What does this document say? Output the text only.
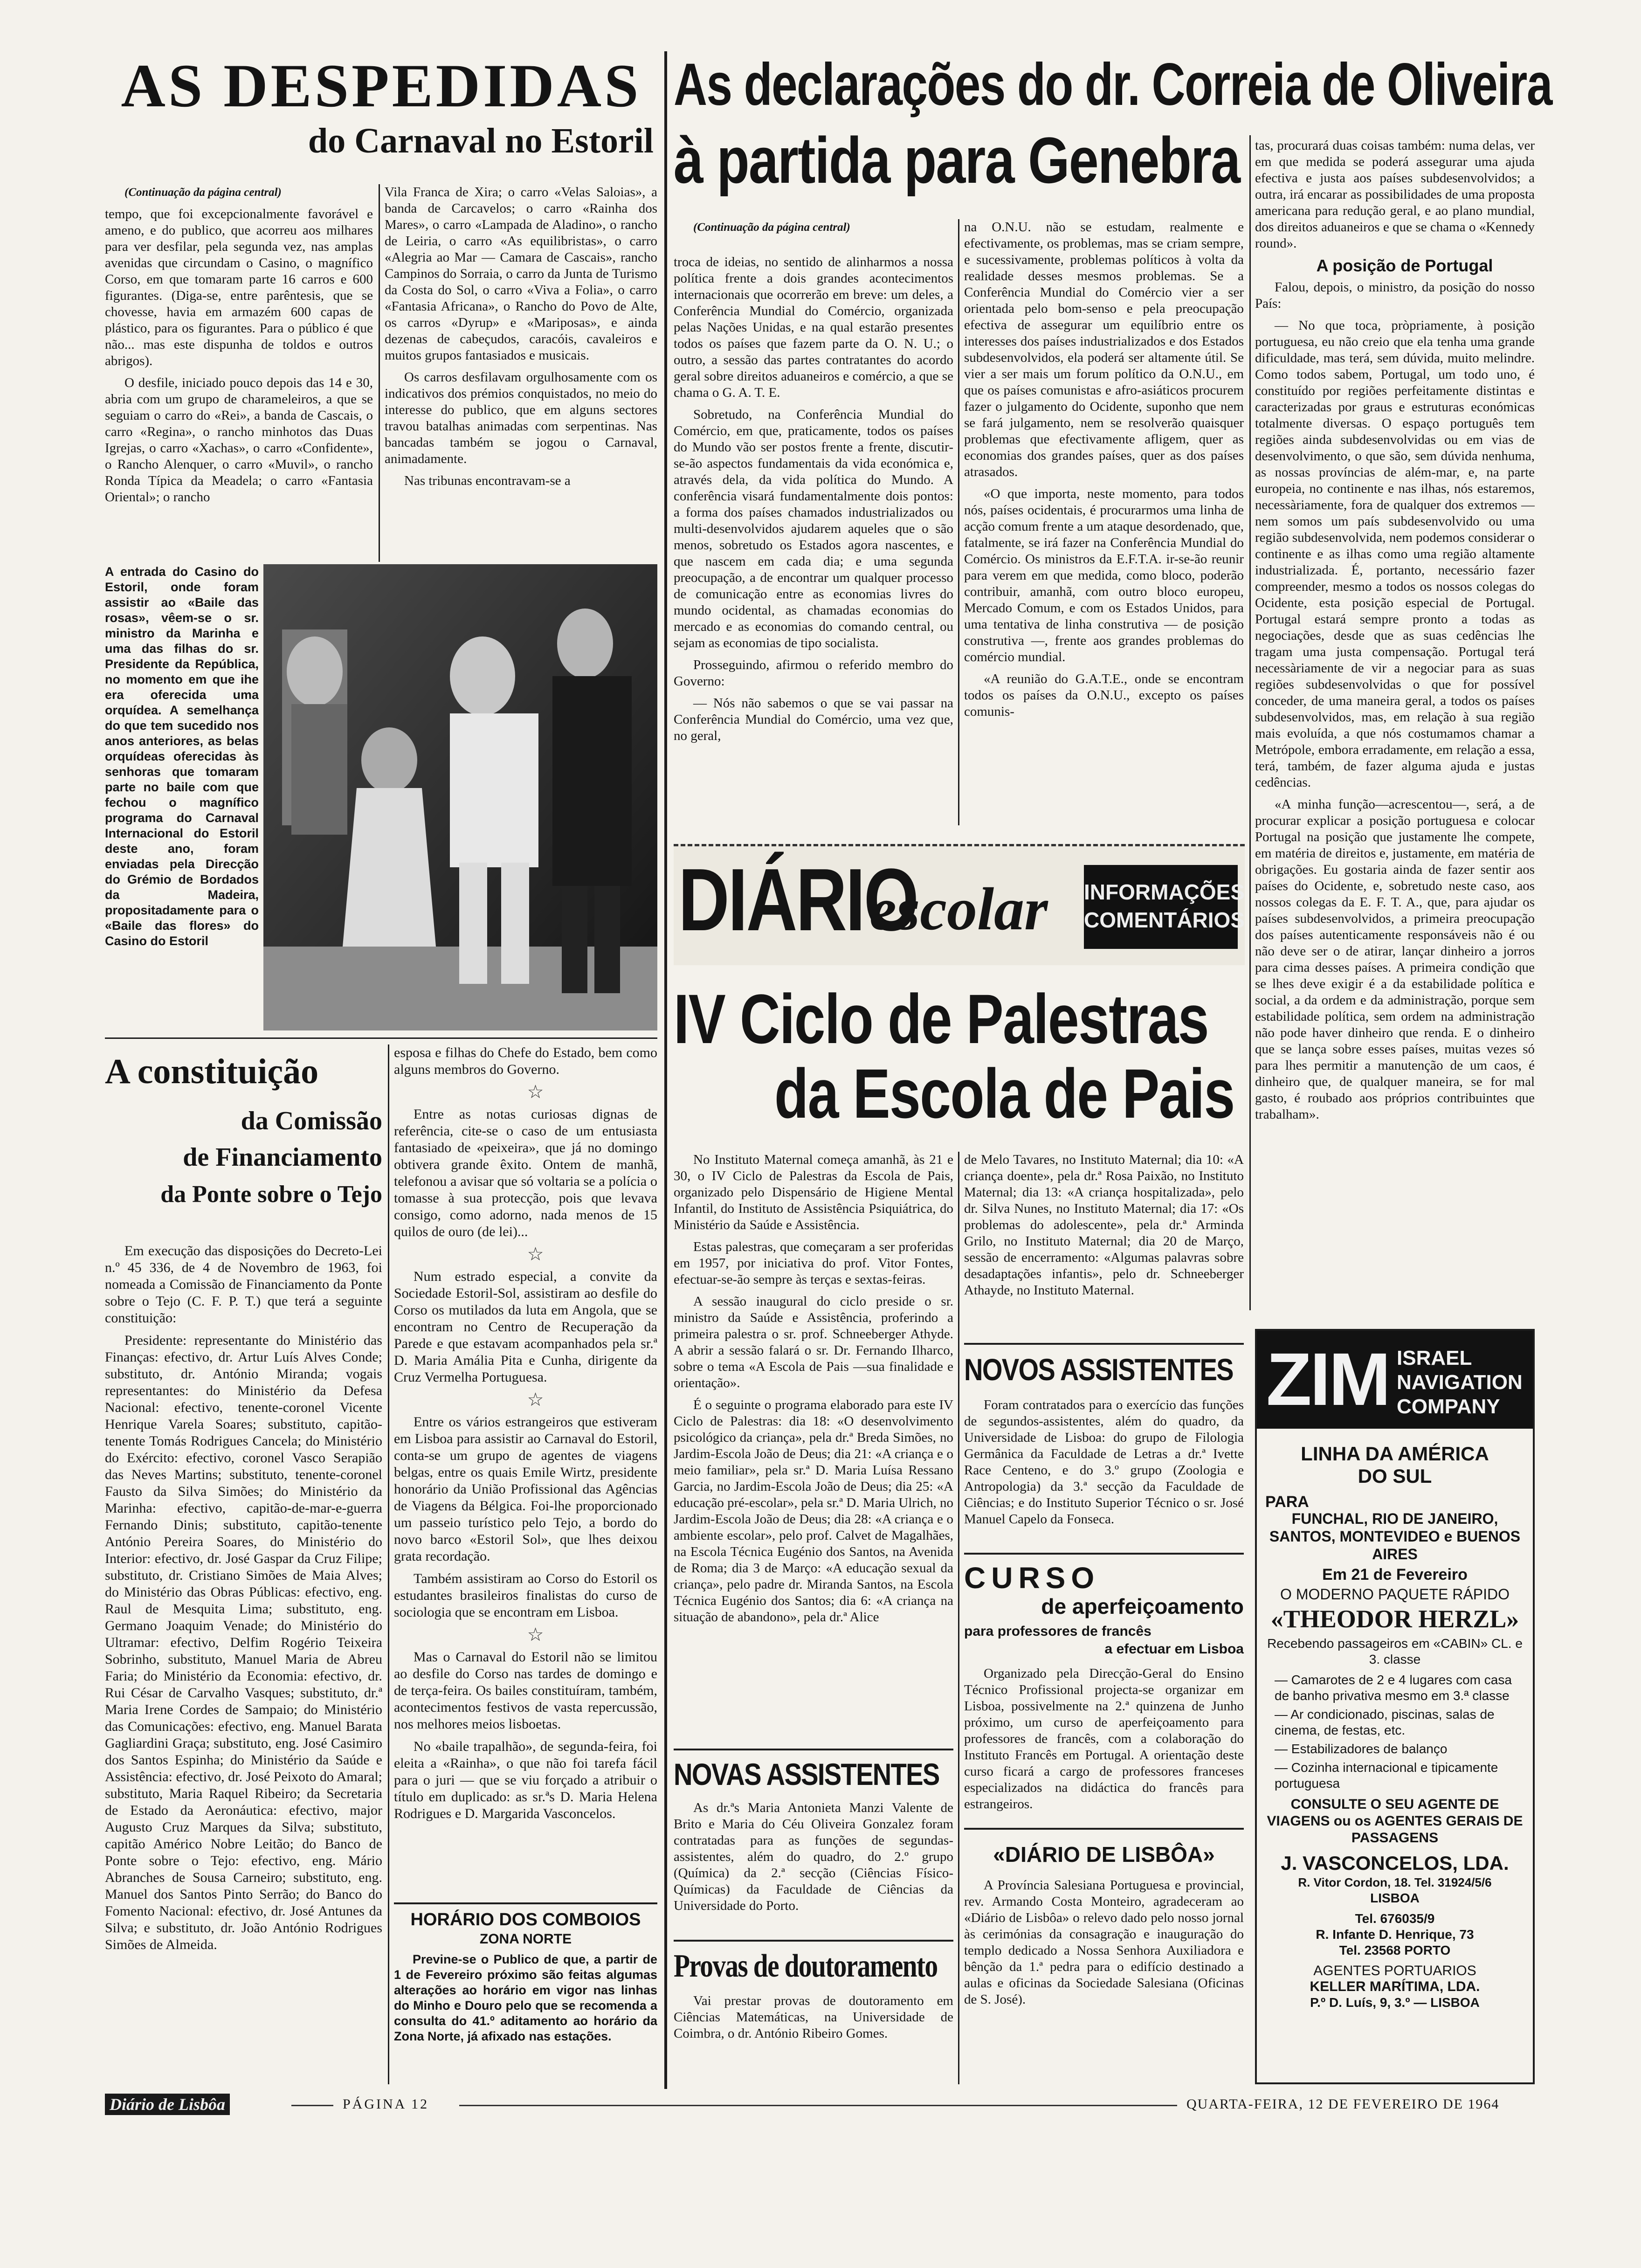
AS DESPEDIDAS
do Carnaval no Estoril

(Continuação da página central)

tempo, que foi excepcionalmente favorável e ameno, e do publico, que acorreu aos milhares para ver desfilar, pela segunda vez, nas amplas avenidas que circundam o Casino, o magnífico Corso, em que tomaram parte 16 carros e 600 figurantes. (Diga-se, entre parêntesis, que se chovesse, havia em armazém 600 capas de plástico, para os figurantes. Para o público é que não... mas este dispunha de toldos e outros abrigos).

O desfile, iniciado pouco depois das 14 e 30, abria com um grupo de charameleiros, a que se seguiam o carro do «Rei», a banda de Cascais, o carro «Regina», o rancho minhotos das Duas Igrejas, o carro «Xachas», o carro «Confidente», o Rancho Alenquer, o carro «Muvil», o rancho Ronda Típica da Meadela; o carro «Fantasia Oriental»; o rancho

Vila Franca de Xira; o carro «Velas Saloias», a banda de Carcavelos; o carro «Rainha dos Mares», o carro «Lampada de Aladino», o rancho de Leiria, o carro «As equilibristas», o carro «Alegria ao Mar — Camara de Cascais», rancho Campinos do Sorraia, o carro da Junta de Turismo da Costa do Sol, o carro «Viva a Folia», o carro «Fantasia Africana», o Rancho do Povo de Alte, os carros «Dyrup» e «Mariposas», e ainda dezenas de cabeçudos, caracóis, cavaleiros e muitos grupos fantasiados e musicais.

Os carros desfilavam orgulhosamente com os indicativos dos prémios conquistados, no meio do interesse do publico, que em alguns sectores travou batalhas animadas com serpentinas. Nas bancadas também se jogou o Carnaval, animadamente.

Nas tribunas encontravam-se a

A entrada do Casino do Estoril, onde foram assistir ao «Baile das rosas», vêem-se o sr. ministro da Marinha e uma das filhas do sr. Presidente da República, no momento em que ihe era oferecida uma orquídea. A semelhança do que tem sucedido nos anos anteriores, as belas orquídeas oferecidas às senhoras que tomaram parte no baile com que fechou o magnífico programa do Carnaval Internacional do Estoril deste ano, foram enviadas pela Direcção do Grémio de Bordados da Madeira, propositadamente para o «Baile das flores» do Casino do Estoril
A constituição
da Comissão
de Financiamento
da Ponte sobre o Tejo

Em execução das disposições do Decreto-Lei n.º 45 336, de 4 de Novembro de 1963, foi nomeada a Comissão de Financiamento da Ponte sobre o Tejo (C. F. P. T.) que terá a seguinte constituição:

Presidente: representante do Ministério das Finanças: efectivo, dr. Artur Luís Alves Conde; substituto, dr. António Miranda; vogais representantes: do Ministério da Defesa Nacional: efectivo, tenente-coronel Vicente Henrique Varela Soares; substituto, capitão-tenente Tomás Rodrigues Cancela; do Ministério do Exército: efectivo, coronel Vasco Serapião das Neves Martins; substituto, tenente-coronel Fausto da Silva Simões; do Ministério da Marinha: efectivo, capitão-de-mar-e-guerra Fernando Dinis; substituto, capitão-tenente António Pereira Soares, do Ministério do Interior: efectivo, dr. José Gaspar da Cruz Filipe; substituto, dr. Cristiano Simões de Maia Alves; do Ministério das Obras Públicas: efectivo, eng. Raul de Mesquita Lima; substituto, eng. Germano Joaquim Venade; do Ministério do Ultramar: efectivo, Delfim Rogério Teixeira Sobrinho, substituto, Manuel Maria de Abreu Faria; do Ministério da Economia: efectivo, dr. Rui César de Carvalho Vasques; substituto, dr.ª Maria Irene Cordes de Sampaio; do Ministério das Comunicações: efectivo, eng. Manuel Barata Gagliardini Graça; substituto, eng. José Casimiro dos Santos Espinha; do Ministério da Saúde e Assistência: efectivo, dr. José Peixoto do Amaral; substituto, Maria Raquel Ribeiro; da Secretaria de Estado da Aeronáutica: efectivo, major Augusto Cruz Marques da Silva; substituto, capitão Américo Nobre Leitão; do Banco de Ponte sobre o Tejo: efectivo, eng. Mário Abranches de Sousa Carneiro; substituto, eng. Manuel dos Santos Pinto Serrão; do Banco do Fomento Nacional: efectivo, dr. José Antunes da Silva; e substituto, dr. João António Rodrigues Simões de Almeida.

esposa e filhas do Chefe do Estado, bem como alguns membros do Governo.

☆

Entre as notas curiosas dignas de referência, cite-se o caso de um entusiasta fantasiado de «peixeira», que já no domingo obtivera grande êxito. Ontem de manhã, telefonou a avisar que só voltaria se a polícia o tomasse à sua protecção, pois que levava consigo, como adorno, nada menos de 15 quilos de ouro (de lei)...

☆

Num estrado especial, a convite da Sociedade Estoril-Sol, assistiram ao desfile do Corso os mutilados da luta em Angola, que se encontram no Centro de Recuperação da Parede e que estavam acompanhados pela sr.ª D. Maria Amália Pita e Cunha, dirigente da Cruz Vermelha Portuguesa.

☆

Entre os vários estrangeiros que estiveram em Lisboa para assistir ao Carnaval do Estoril, conta-se um grupo de agentes de viagens belgas, entre os quais Emile Wirtz, presidente honorário da União Profissional das Agências de Viagens da Bélgica. Foi-lhe proporcionado um passeio turístico pelo Tejo, a bordo do novo barco «Estoril Sol», que lhes deixou grata recordação.

Também assistiram ao Corso do Estoril os estudantes brasileiros finalistas do curso de sociologia que se encontram em Lisboa.

☆

Mas o Carnaval do Estoril não se limitou ao desfile do Corso nas tardes de domingo e de terça-feira. Os bailes constituíram, também, acontecimentos festivos de vasta repercussão, nos melhores meios lisboetas.

No «baile trapalhão», de segunda-feira, foi eleita a «Rainha», o que não foi tarefa fácil para o juri — que se viu forçado a atribuir o título em duplicado: as sr.ªs D. Maria Helena Rodrigues e D. Margarida Vasconcelos.

HORÁRIO DOS COMBOIOS
ZONA NORTE
Previne-se o Publico de que, a partir de 1 de Fevereiro próximo são feitas algumas alterações ao horário em vigor nas linhas do Minho e Douro pelo que se recomenda a consulta do 41.º aditamento ao horário da Zona Norte, já afixado nas estações.
As declarações do dr. Correia de Oliveira
à partida para Genebra

(Continuação da página central)

troca de ideias, no sentido de alinharmos a nossa política frente a dois grandes acontecimentos internacionais que ocorrerão em breve: um deles, a Conferência Mundial do Comércio, organizada pelas Nações Unidas, e na qual estarão presentes todos os países que fazem parte da O. N. U.; o outro, a sessão das partes contratantes do acordo geral sobre direitos aduaneiros e comércio, a que se chama o G. A. T. E.

Sobretudo, na Conferência Mundial do Comércio, em que, praticamente, todos os países do Mundo vão ser postos frente a frente, discutir-se-ão aspectos fundamentais da vida económica e, através dela, da vida política do Mundo. A conferência visará fundamentalmente dois pontos: a forma dos países chamados industrializados ou multi-desenvolvidos ajudarem aqueles que o são menos, sobretudo os Estados agora nascentes, e que nascem em cada dia; e uma segunda preocupação, a de encontrar um qualquer processo de comunicação entre as economias livres do mundo ocidental, as chamadas economias do mercado e as economias do comando central, ou sejam as economias de tipo socialista.

Prosseguindo, afirmou o referido membro do Governo:

— Nós não sabemos o que se vai passar na Conferência Mundial do Comércio, uma vez que, no geral,

na O.N.U. não se estudam, realmente e efectivamente, os problemas, mas se criam sempre, e sucessivamente, problemas políticos à volta da realidade desses mesmos problemas. Se a Conferência Mundial do Comércio vier a ser orientada pelo bom-senso e pela preocupação efectiva de assegurar um equilíbrio entre os interesses dos países industrializados e dos Estados subdesenvolvidos, ela poderá ser altamente útil. Se vier a ser mais um forum político da O.N.U., em que os países comunistas e afro-asiáticos procurem fazer o julgamento do Ocidente, suponho que nem se fará julgamento, nem se resolverão quaisquer problemas que efectivamente afligem, quer as economias dos grandes países, quer as dos países atrasados.

«O que importa, neste momento, para todos nós, países ocidentais, é procurarmos uma linha de acção comum frente a um ataque desordenado, que, fatalmente, se irá fazer na Conferência Mundial do Comércio. Os ministros da E.F.T.A. ir-se-ão reunir para verem em que medida, como bloco, poderão contribuir, amanhã, com outro bloco europeu, Mercado Comum, e com os Estados Unidos, para uma tentativa de linha construtiva — de posição construtiva —, frente aos grandes problemas do comércio mundial.

«A reunião do G.A.T.E., onde se encontram todos os países da O.N.U., excepto os países comunis-

tas, procurará duas coisas também: numa delas, ver em que medida se poderá assegurar uma ajuda efectiva e justa aos países subdesenvolvidos; a outra, irá encarar as possibilidades de uma proposta americana para redução geral, e ao plano mundial, dos direitos aduaneiros e que se chama o «Kennedy round».

A posição de Portugal

Falou, depois, o ministro, da posição do nosso País:

— No que toca, pròpriamente, à posição portuguesa, eu não creio que ela tenha uma grande dificuldade, mas terá, sem dúvida, muito melindre. Como todos sabem, Portugal, um todo uno, é constituído por regiões perfeitamente distintas e caracterizadas por graus e estruturas económicas totalmente diversas. O espaço português tem regiões ainda subdesenvolvidas ou em vias de desenvolvimento, o que são, sem dúvida nenhuma, as nossas províncias de além-mar, e, na parte europeia, no continente e nas ilhas, nós estaremos, necessàriamente, fora de qualquer dos extremos — nem somos um país subdesenvolvido ou uma região subdesenvolvida, nem podemos considerar o continente e as ilhas como uma região altamente industrializada. É, portanto, necessário fazer compreender, mesmo a todos os nossos colegas do Ocidente, esta posição especial de Portugal. Portugal estará sempre pronto a todas as negociações, desde que as suas cedências lhe tragam uma justa compensação. Portugal terá necessàriamente de vir a negociar para as suas regiões subdesenvolvidas o que for possível conceder, de uma maneira geral, a todos os países subdesenvolvidos, mas, em relação à sua região mais evoluída, a que nós costumamos chamar a Metrópole, embora erradamente, em relação a essa, terá, também, de fazer alguma ajuda e justas cedências.

«A minha função—acrescentou—, será, a de procurar explicar a posição portuguesa e colocar Portugal na posição que justamente lhe compete, em matéria de direitos e, justamente, em matéria de obrigações. Eu gostaria ainda de fazer sentir aos países do Ocidente, e, sobretudo neste caso, aos nossos colegas da E. F. T. A., que, para ajudar os países subdesenvolvidos, a primeira preocupação dos países autenticamente responsáveis não é ou não deve ser o de atirar, lançar dinheiro a jorros para cima desses países. A primeira condição que se lhes deve exigir é a da estabilidade política e social, a da ordem e da administração, porque sem estabilidade política, sem ordem na administração não pode haver dinheiro que renda. E o dinheiro que se lança sobre esses países, muitas vezes só para lhes permitir a manutenção de um caos, é dinheiro que, de qualquer maneira, se for mal gasto, é roubado aos próprios contribuintes que trabalham».

DIÁRIO
escolar INFORMAÇÕES COMENTÁRIOS
IV Ciclo de Palestras
da Escola de Pais

No Instituto Maternal começa amanhã, às 21 e 30, o IV Ciclo de Palestras da Escola de Pais, organizado pelo Dispensário de Higiene Mental Infantil, do Instituto de Assistência Psiquiátrica, do Ministério da Saúde e Assistência.

Estas palestras, que começaram a ser proferidas em 1957, por iniciativa do prof. Vitor Fontes, efectuar-se-ão sempre às terças e sextas-feiras.

A sessão inaugural do ciclo preside o sr. ministro da Saúde e Assistência, proferindo a primeira palestra o sr. prof. Schneeberger Athyde. A abrir a sessão falará o sr. Dr. Fernando Ilharco, sobre o tema «A Escola de Pais —sua finalidade e orientação».

É o seguinte o programa elaborado para este IV Ciclo de Palestras: dia 18: «O desenvolvimento psicológico da criança», pela dr.ª Breda Simões, no Jardim-Escola João de Deus; dia 21: «A criança e o meio familiar», pela sr.ª D. Maria Luísa Ressano Garcia, no Jardim-Escola João de Deus; dia 25: «A educação pré-escolar», pela sr.ª D. Maria Ulrich, no Jardim-Escola João de Deus; dia 28: «A criança e o ambiente escolar», pelo prof. Calvet de Magalhães, na Escola Técnica Eugénio dos Santos, na Avenida de Roma; dia 3 de Março: «A educação sexual da criança», pelo padre dr. Miranda Santos, na Escola Técnica Eugénio dos Santos; dia 6: «A criança na situação de abandono», pela dr.ª Alice

de Melo Tavares, no Instituto Maternal; dia 10: «A criança doente», pela dr.ª Rosa Paixão, no Instituto Maternal; dia 13: «A criança hospitalizada», pelo dr. Silva Nunes, no Instituto Maternal; dia 17: «Os problemas do adolescente», pela dr.ª Arminda Grilo, no Instituto Maternal; dia 20 de Março, sessão de encerramento: «Algumas palavras sobre desadaptações infantis», pelo dr. Schneeberger Athayde, no Instituto Maternal.

NOVOS ASSISTENTES
Foram contratados para o exercício das funções de segundos-assistentes, além do quadro, da Universidade de Lisboa: do grupo de Filologia Germânica da Faculdade de Letras a dr.ª Ivette Race Centeno, e do 3.º grupo (Zoologia e Antropologia) da 3.ª secção da Faculdade de Ciências; e do Instituto Superior Técnico o sr. José Manuel Capelo da Fonseca.
CURSO
de aperfeiçoamento
para professores de francês
a efectuar em Lisboa
Organizado pela Direcção-Geral do Ensino Técnico Profissional projecta-se organizar em Lisboa, possivelmente na 2.ª quinzena de Junho próximo, um curso de aperfeiçoamento para professores de francês, com a colaboração do Instituto Francês em Portugal. A orientação deste curso ficará a cargo de professores franceses especializados na didáctica do francês para estrangeiros.
«DIÁRIO DE LISBÔA»
A Província Salesiana Portuguesa e provincial, rev. Armando Costa Monteiro, agradeceram ao «Diário de Lisbôa» o relevo dado pelo nosso jornal às cerimónias da consagração e inauguração do templo dedicado a Nossa Senhora Auxiliadora e bênção da 1.ª pedra para o edifício destinado a aulas e oficinas da Sociedade Salesiana (Oficinas de S. José).
NOVAS ASSISTENTES
As dr.ªs Maria Antonieta Manzi Valente de Brito e Maria do Céu Oliveira Gonzalez foram contratadas para as funções de segundas-assistentes, além do quadro, do 2.º grupo (Química) da 2.ª secção (Ciências Físico-Químicas) da Faculdade de Ciências da Universidade do Porto.
Provas de doutoramento
Vai prestar provas de doutoramento em Ciências Matemáticas, na Universidade de Coimbra, o dr. António Ribeiro Gomes.
ZIM ISRAEL
NAVIGATION
COMPANY
LINHA DA AMÉRICA
DO SUL
PARA
FUNCHAL, RIO DE JANEIRO, SANTOS, MONTEVIDEO e BUENOS AIRES
Em 21 de Fevereiro
O MODERNO PAQUETE RÁPIDO
«THEODOR HERZL»
Recebendo passageiros em «CABIN» CL. e 3. classe
— Camarotes de 2 e 4 lugares com casa de banho privativa mesmo em 3.ª classe
— Ar condicionado, piscinas, salas de cinema, de festas, etc.
— Estabilizadores de balanço
— Cozinha internacional e tipicamente portuguesa
CONSULTE O SEU AGENTE DE VIAGENS ou os AGENTES GERAIS DE PASSAGENS
J. VASCONCELOS, LDA.
R. Vitor Cordon, 18. Tel. 31924/5/6
LISBOA
Tel. 676035/9
R. Infante D. Henrique, 73
Tel. 23568 PORTO
AGENTES PORTUARIOS
KELLER MARÍTIMA, LDA.
P.º D. Luís, 9, 3.º — LISBOA
Diário de Lisbôa	PÁGINA 12	QUARTA-FEIRA, 12 DE FEVEREIRO DE 1964
